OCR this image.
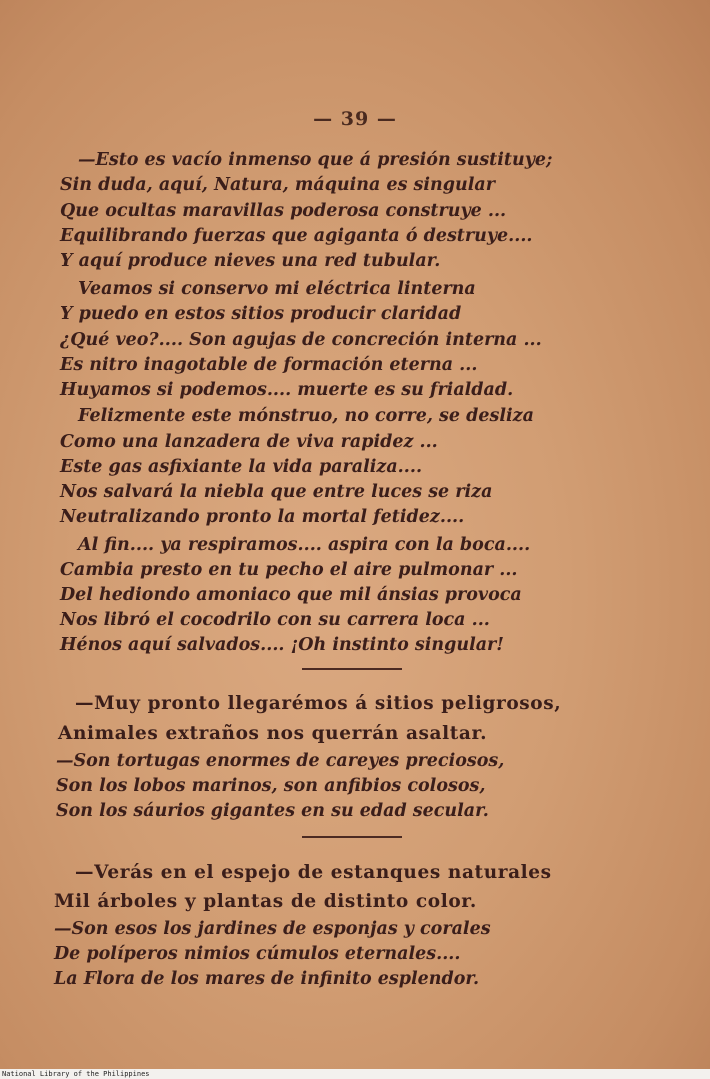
— 39 —
—Esto es vacío inmenso que á presión sustituye;
Sin duda, aquí, Natura, máquina es singular
Que ocultas maravillas poderosa construye ...
Equilibrando fuerzas que agiganta ó destruye....
Y aquí produce nieves una red tubular.
Veamos si conservo mi eléctrica linterna
Y puedo en estos sitios producir claridad
¿Qué veo?.... Son agujas de concreción interna ...
Es nitro inagotable de formación eterna ...
Huyamos si podemos.... muerte es su frialdad.
Felizmente este mónstruo, no corre, se desliza
Como una lanzadera de viva rapidez ...
Este gas asfixiante la vida paraliza....
Nos salvará la niebla que entre luces se riza
Neutralizando pronto la mortal fetidez....
Al fin.... ya respiramos.... aspira con la boca....
Cambia presto en tu pecho el aire pulmonar ...
Del hediondo amoniaco que mil ánsias provoca
Nos libró el cocodrilo con su carrera loca ...
Hénos aquí salvados.... ¡Oh instinto singular!
—Muy pronto llegarémos á sitios peligrosos,
Animales extraños nos querrán asaltar.
—Son tortugas enormes de careyes preciosos,
Son los lobos marinos, son anfibios colosos,
Son los sáurios gigantes en su edad secular.
—Verás en el espejo de estanques naturales
Mil árboles y plantas de distinto color.
—Son esos los jardines de esponjas y corales
De políperos nimios cúmulos eternales....
La Flora de los mares de infinito esplendor.
National Library of the Philippines
